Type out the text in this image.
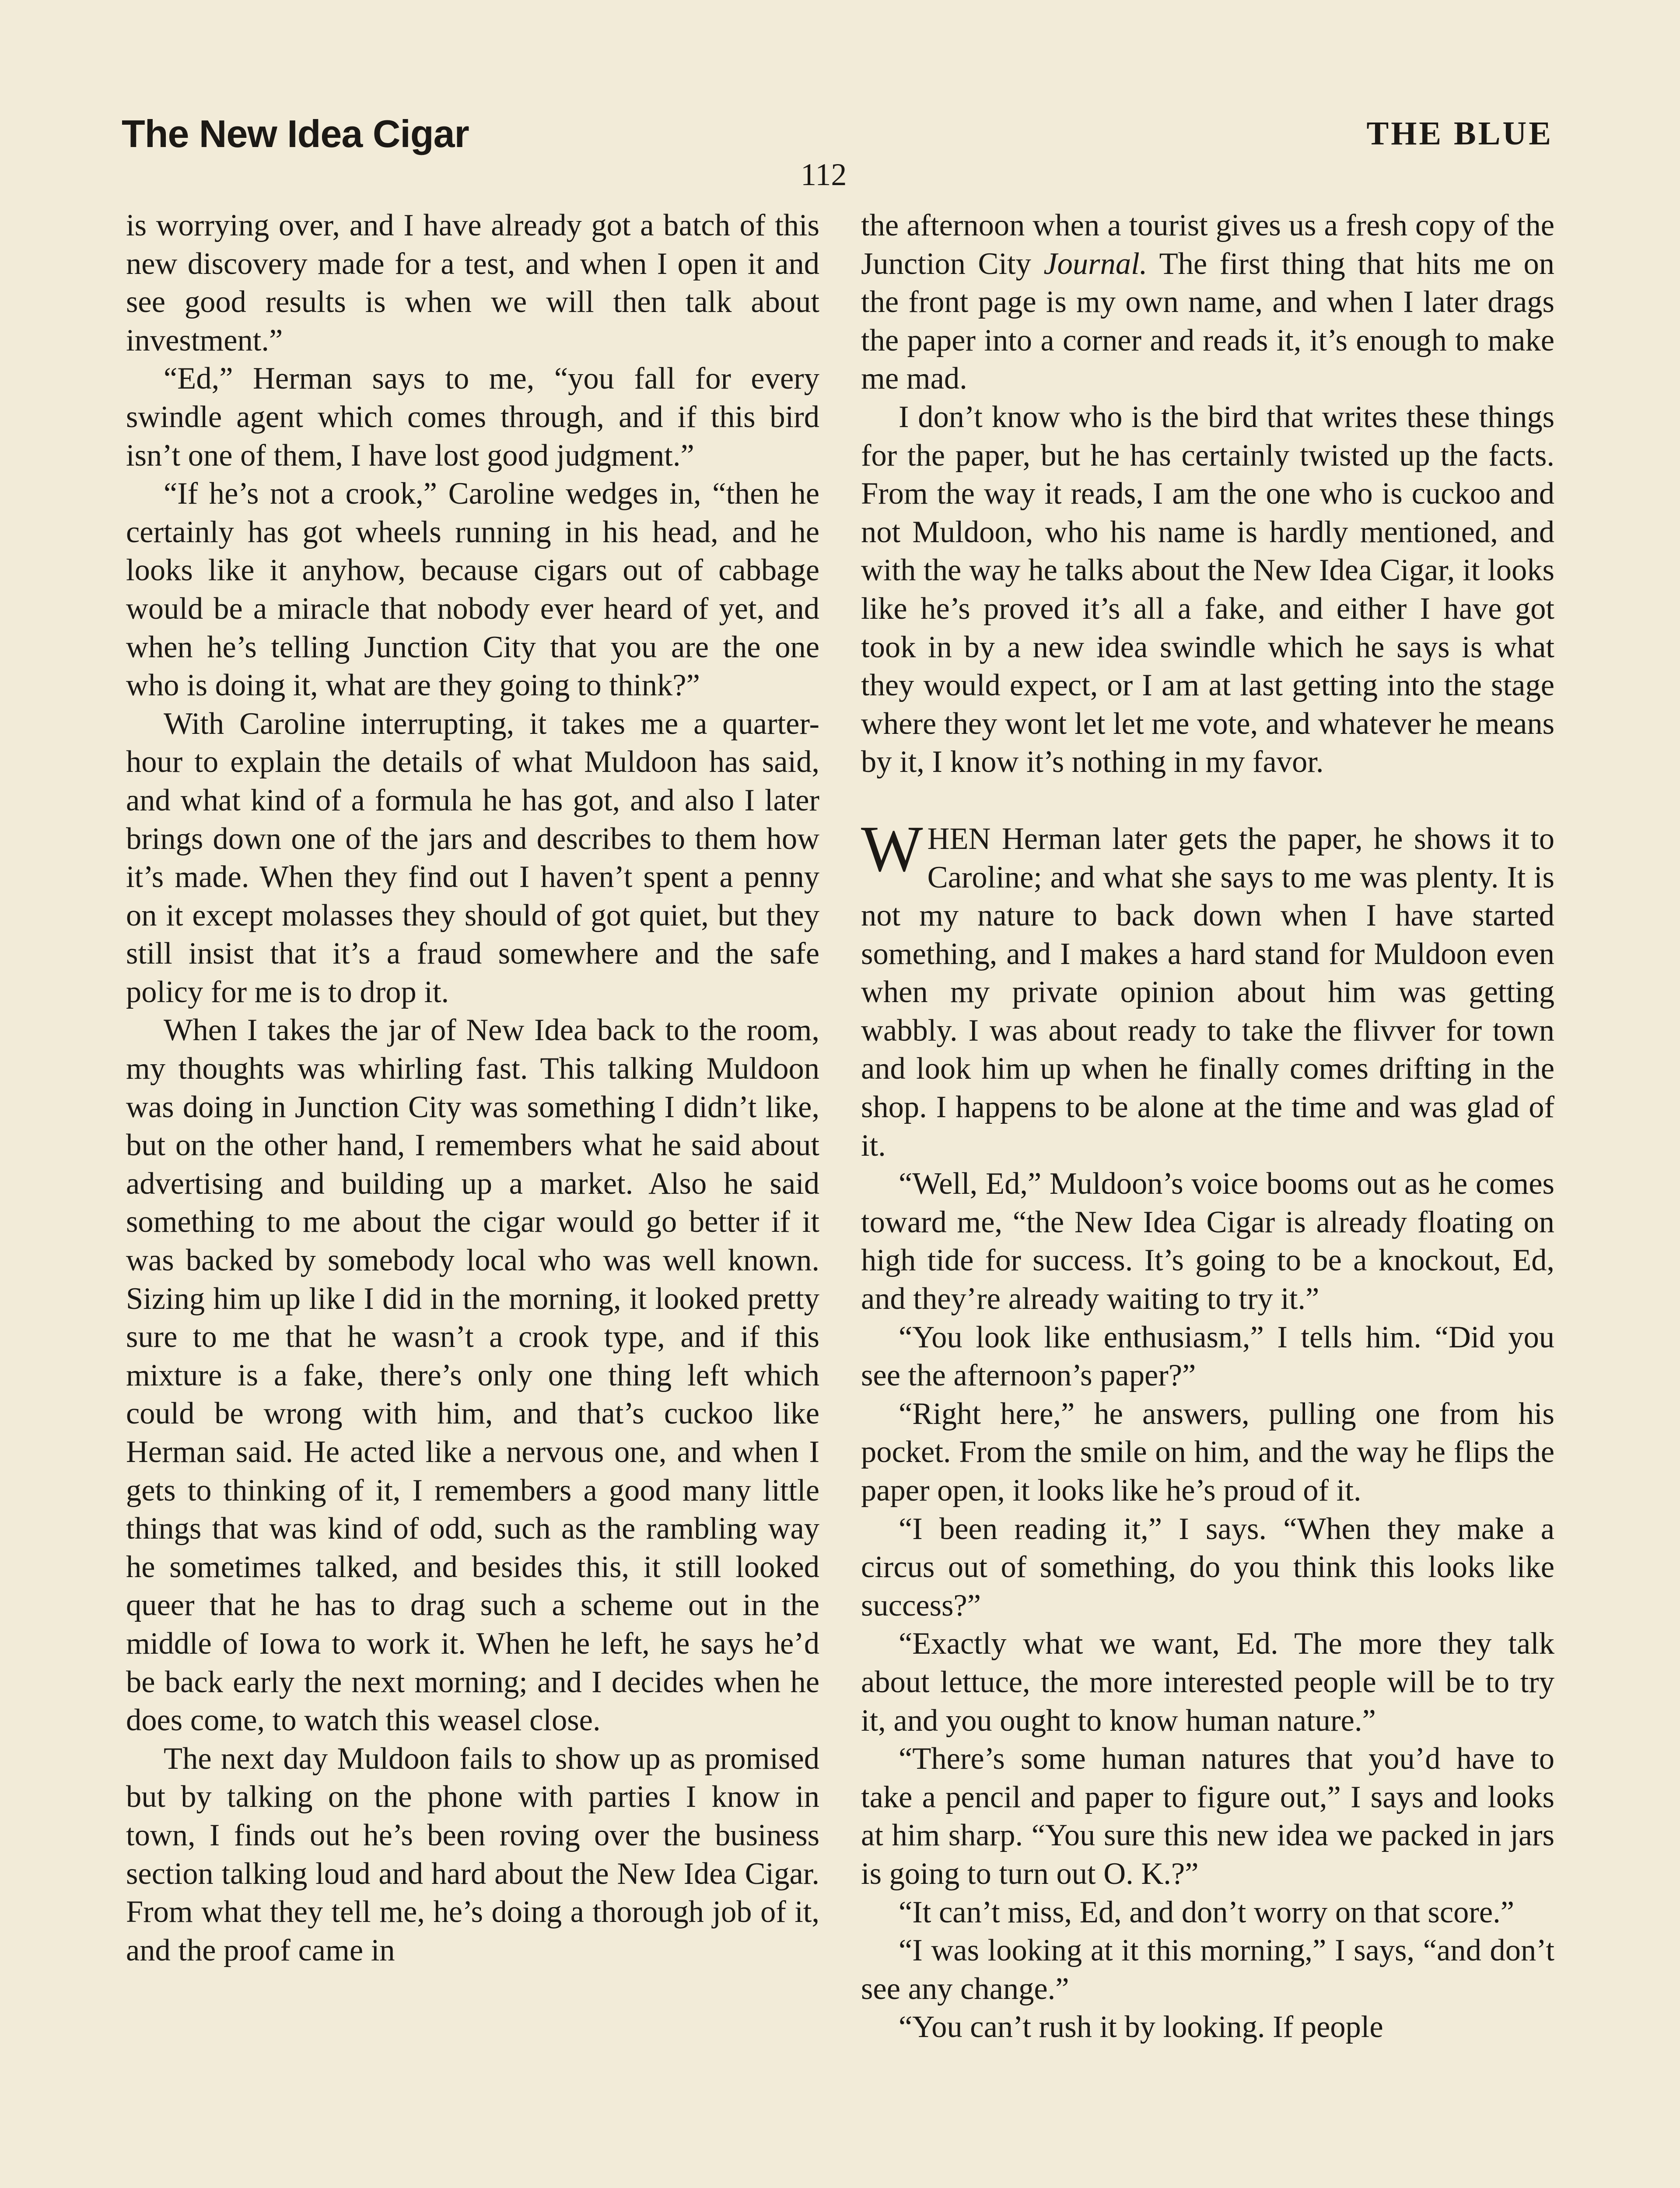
The New Idea Cigar	THE BLUE
112

is worrying over, and I have already got a batch of this new discovery made for a test, and when I open it and see good results is when we will then talk about investment.”

“Ed,” Herman says to me, “you fall for every swindle agent which comes through, and if this bird isn’t one of them, I have lost good judgment.”

“If he’s not a crook,” Caroline wedges in, “then he certainly has got wheels running in his head, and he looks like it anyhow, because cigars out of cabbage would be a miracle that nobody ever heard of yet, and when he’s telling Junction City that you are the one who is doing it, what are they going to think?”

With Caroline interrupting, it takes me a quarter-hour to explain the details of what Muldoon has said, and what kind of a formula he has got, and also I later brings down one of the jars and describes to them how it’s made. When they find out I haven’t spent a penny on it except molasses they should of got quiet, but they still insist that it’s a fraud somewhere and the safe policy for me is to drop it.

When I takes the jar of New Idea back to the room, my thoughts was whirling fast. This talking Muldoon was doing in Junction City was something I didn’t like, but on the other hand, I remembers what he said about advertising and building up a market. Also he said something to me about the cigar would go better if it was backed by somebody local who was well known. Sizing him up like I did in the morning, it looked pretty sure to me that he wasn’t a crook type, and if this mixture is a fake, there’s only one thing left which could be wrong with him, and that’s cuckoo like Herman said. He acted like a nervous one, and when I gets to thinking of it, I remembers a good many little things that was kind of odd, such as the rambling way he sometimes talked, and besides this, it still looked queer that he has to drag such a scheme out in the middle of Iowa to work it. When he left, he says he’d be back early the next morning; and I decides when he does come, to watch this weasel close.

The next day Muldoon fails to show up as promised but by talking on the phone with parties I know in town, I finds out he’s been roving over the business section talking loud and hard about the New Idea Cigar. From what they tell me, he’s doing a thorough job of it, and the proof came in

the afternoon when a tourist gives us a fresh copy of the Junction City Journal. The first thing that hits me on the front page is my own name, and when I later drags the paper into a corner and reads it, it’s enough to make me mad.

I don’t know who is the bird that writes these things for the paper, but he has certainly twisted up the facts. From the way it reads, I am the one who is cuckoo and not Muldoon, who his name is hardly mentioned, and with the way he talks about the New Idea Cigar, it looks like he’s proved it’s all a fake, and either I have got took in by a new idea swindle which he says is what they would expect, or I am at last getting into the stage where they wont let let me vote, and whatever he means by it, I know it’s nothing in my favor.

WHEN Herman later gets the paper, he shows it to Caroline; and what she says to me was plenty. It is not my nature to back down when I have started something, and I makes a hard stand for Muldoon even when my private opinion about him was getting wabbly. I was about ready to take the flivver for town and look him up when he finally comes drifting in the shop. I happens to be alone at the time and was glad of it.

“Well, Ed,” Muldoon’s voice booms out as he comes toward me, “the New Idea Cigar is already floating on high tide for success. It’s going to be a knockout, Ed, and they’re already waiting to try it.”

“You look like enthusiasm,” I tells him. “Did you see the afternoon’s paper?”

“Right here,” he answers, pulling one from his pocket. From the smile on him, and the way he flips the paper open, it looks like he’s proud of it.

“I been reading it,” I says. “When they make a circus out of something, do you think this looks like success?”

“Exactly what we want, Ed. The more they talk about lettuce, the more interested people will be to try it, and you ought to know human nature.”

“There’s some human natures that you’d have to take a pencil and paper to figure out,” I says and looks at him sharp. “You sure this new idea we packed in jars is going to turn out O. K.?”

“It can’t miss, Ed, and don’t worry on that score.”

“I was looking at it this morning,” I says, “and don’t see any change.”

“You can’t rush it by looking. If people
